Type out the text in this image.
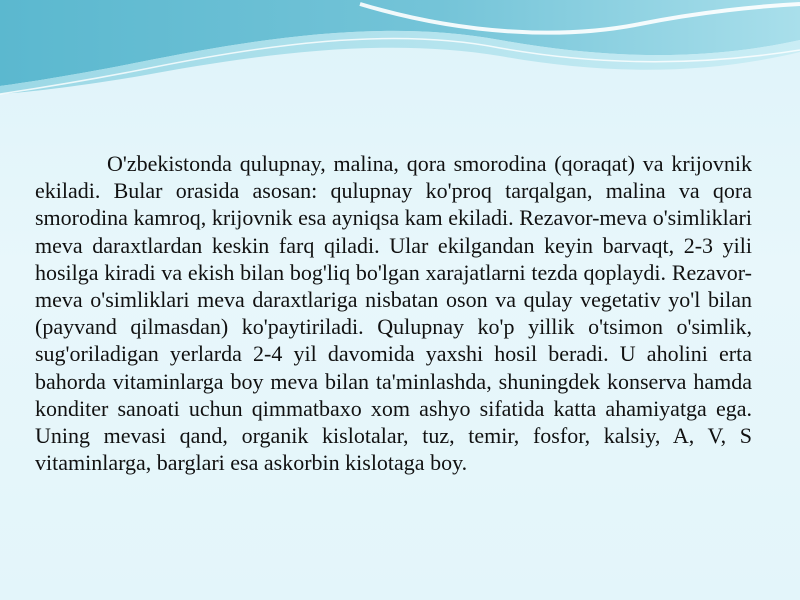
O'zbekistonda qulupnay, malina, qora smorodina (qoraqat) va krijovnik ekiladi. Bular orasida asosan: qulupnay ko'proq tarqalgan, malina va qora smorodina kamroq, krijovnik esa ayniqsa kam ekiladi. Rezavor-meva o'simliklari meva daraxtlardan keskin farq qiladi. Ular ekilgandan keyin barvaqt, 2-3 yili hosilga kiradi va ekish bilan bog'liq bo'lgan xarajatlarni tezda qoplaydi. Rezavor-meva o'simliklari meva daraxtlariga nisbatan oson va qulay vegetativ yo'l bilan (payvand qilmasdan) ko'paytiriladi. Qulupnay ko'p yillik o'tsimon o'simlik, sug'oriladigan yerlarda 2-4 yil davomida yaxshi hosil beradi. U aholini erta bahorda vitaminlarga boy meva bilan ta'minlashda, shuningdek konserva hamda konditer sanoati uchun qimmatbaxo xom ashyo sifatida katta ahamiyatga ega. Uning mevasi qand, organik kislotalar, tuz, temir, fosfor, kalsiy, A, V, S vitaminlarga, barglari esa askorbin kislotaga boy.
